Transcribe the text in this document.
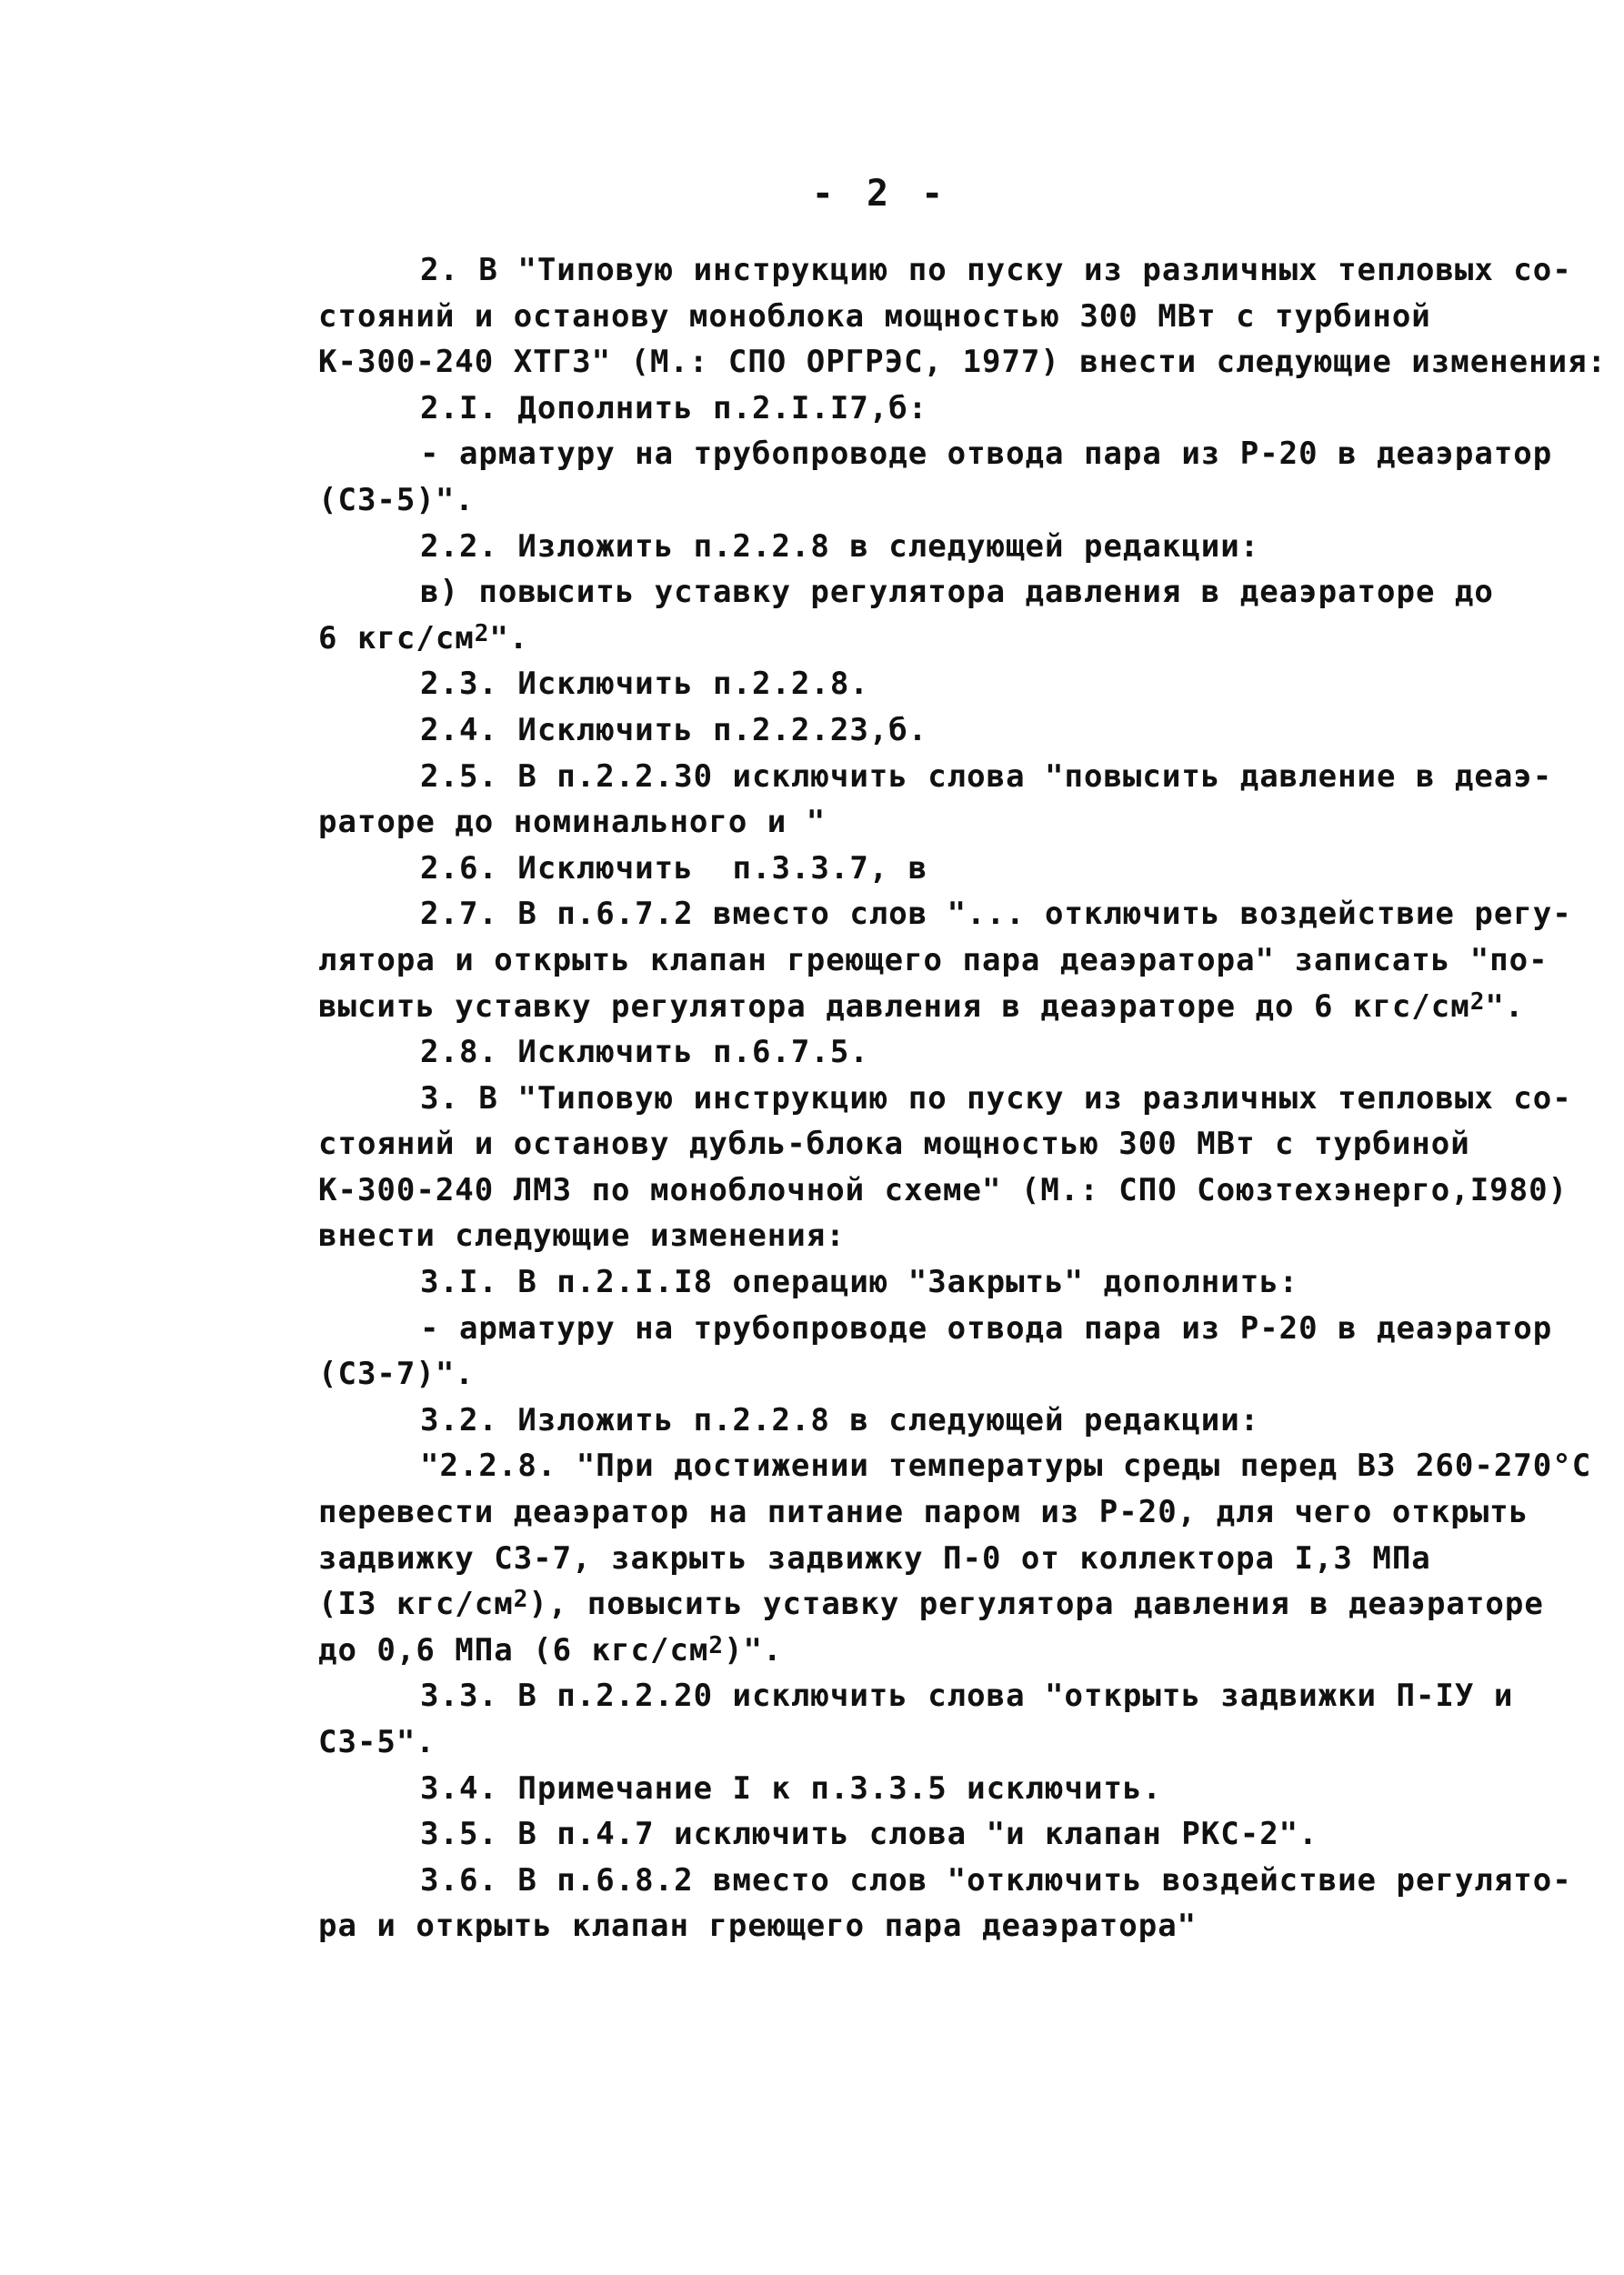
- 2 -
2. В "Типовую инструкцию по пуску из различных тепловых со-
стояний и останову моноблока мощностью 300 МВт с турбиной
К-300-240 ХТГЗ" (М.: СПО ОРГРЭС, 1977) внести следующие изменения:
2.I. Дополнить п.2.I.I7,б:
- арматуру на трубопроводе отвода пара из Р-20 в деаэратор
(СЗ-5)".
2.2. Изложить п.2.2.8 в следующей редакции:
в) повысить уставку регулятора давления в деаэраторе до
6 кгс/$см^2$".
2.3. Исключить п.2.2.8.
2.4. Исключить п.2.2.23,б.
2.5. В п.2.2.30 исключить слова "повысить давление в деаэ-
раторе до номинального и "
2.6. Исключить  п.3.3.7, в
2.7. В п.6.7.2 вместо слов "... отключить воздействие регу-
лятора и открыть клапан греющего пара деаэратора" записать "по-
высить уставку регулятора давления в деаэраторе до 6 кгс/$см^2$".
2.8. Исключить п.6.7.5.
3. В "Типовую инструкцию по пуску из различных тепловых со-
стояний и останову дубль-блока мощностью 300 МВт с турбиной
К-300-240 ЛМЗ по моноблочной схеме" (М.: СПО Союзтехэнерго,I980)
внести следующие изменения:
3.I. В п.2.I.I8 операцию "Закрыть" дополнить:
- арматуру на трубопроводе отвода пара из Р-20 в деаэратор
(СЗ-7)".
3.2. Изложить п.2.2.8 в следующей редакции:
"2.2.8. "При достижении температуры среды перед ВЗ 260-270°С
перевести деаэратор на питание паром из Р-20, для чего открыть
задвижку СЗ-7, закрыть задвижку П-0 от коллектора I,3 МПа
(I3 кгс/$см^2$), повысить уставку регулятора давления в деаэраторе
до 0,6 МПа (6 кгс/$см^2$)".
3.3. В п.2.2.20 исключить слова "открыть задвижки П-IУ и
СЗ-5".
3.4. Примечание I к п.3.3.5 исключить.
3.5. В п.4.7 исключить слова "и клапан РКС-2".
3.6. В п.6.8.2 вместо слов "отключить воздействие регулято-
ра и открыть клапан греющего пара деаэратора"
